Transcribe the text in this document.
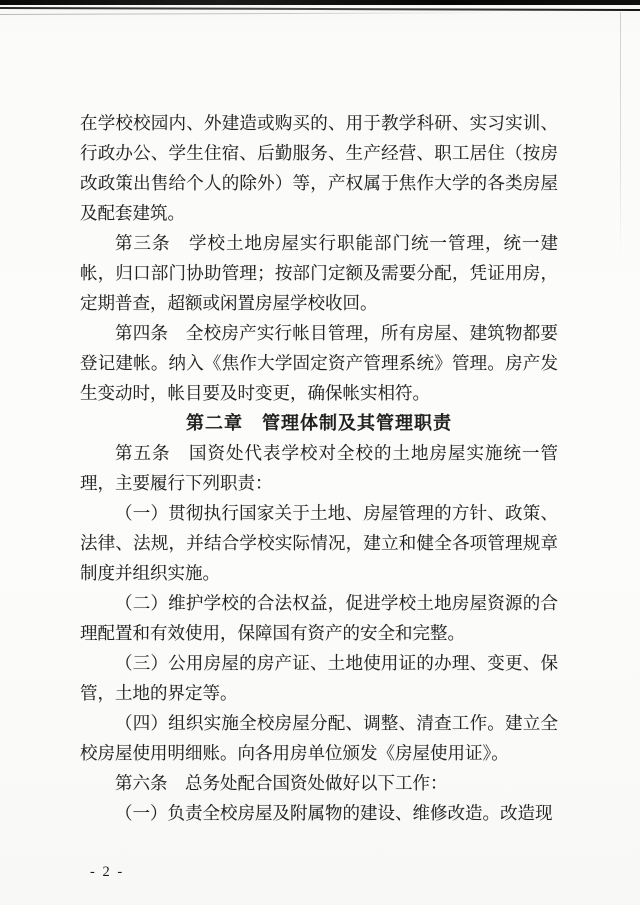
在学校校园内、外建造或购买的、用于教学科研、实习实训、行政办公、学生住宿、后勤服务、生产经营、职工居住（按房改政策出售给个人的除外）等，产权属于焦作大学的各类房屋及配套建筑。

第三条　学校土地房屋实行职能部门统一管理，统一建帐，归口部门协助管理；按部门定额及需要分配，凭证用房，定期普查，超额或闲置房屋学校收回。

第四条　全校房产实行帐目管理，所有房屋、建筑物都要登记建帐。纳入《焦作大学固定资产管理系统》管理。房产发生变动时，帐目要及时变更，确保帐实相符。

第二章　管理体制及其管理职责

第五条　国资处代表学校对全校的土地房屋实施统一管理，主要履行下列职责：

（一）贯彻执行国家关于土地、房屋管理的方针、政策、法律、法规，并结合学校实际情况，建立和健全各项管理规章制度并组织实施。

（二）维护学校的合法权益，促进学校土地房屋资源的合理配置和有效使用，保障国有资产的安全和完整。

（三）公用房屋的房产证、土地使用证的办理、变更、保管，土地的界定等。

（四）组织实施全校房屋分配、调整、清查工作。建立全校房屋使用明细账。向各用房单位颁发《房屋使用证》。

第六条　总务处配合国资处做好以下工作：

（一）负责全校房屋及附属物的建设、维修改造。改造现

- 2 -
